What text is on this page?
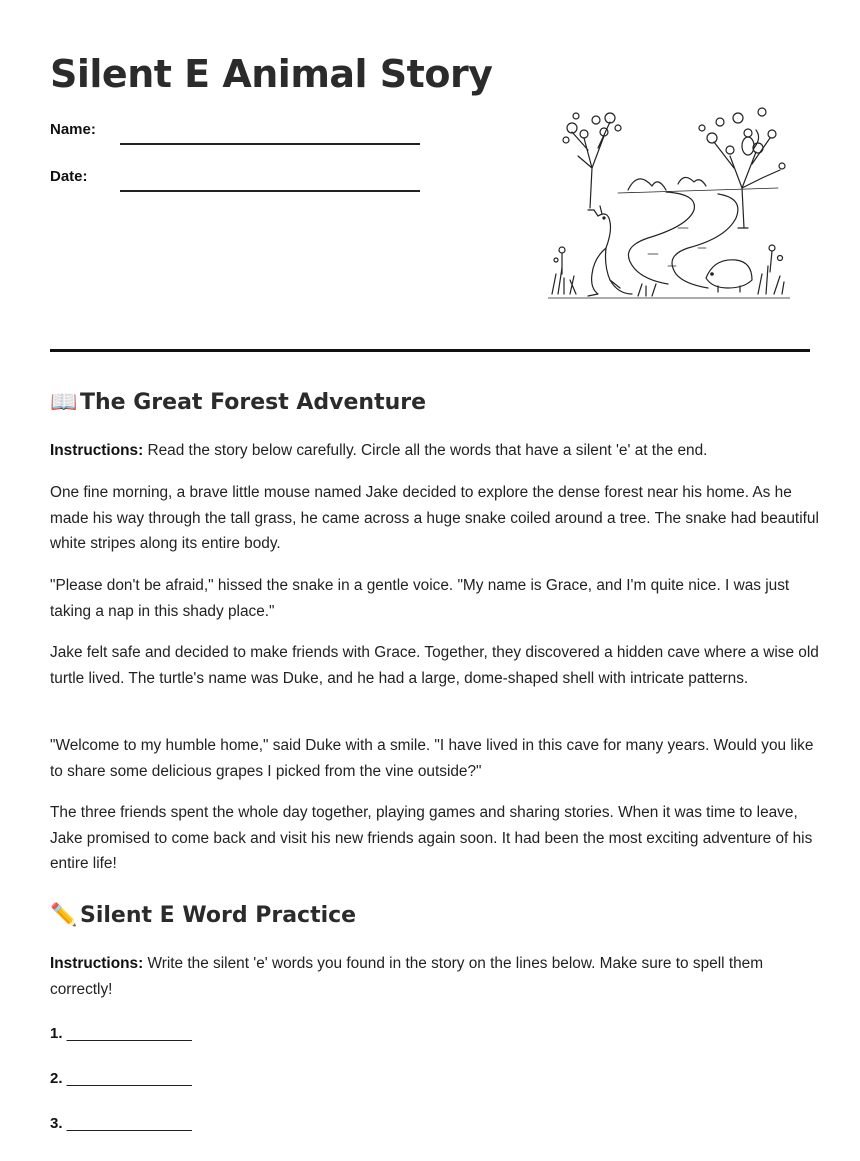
Silent E Animal Story
Name:
Date:
📖 The Great Forest Adventure

Instructions: Read the story below carefully. Circle all the words that have a silent 'e' at the end.

One fine morning, a brave little mouse named Jake decided to explore the dense forest near his home. As he made his way through the tall grass, he came across a huge snake coiled around a tree. The snake had beautiful white stripes along its entire body.

"Please don't be afraid," hissed the snake in a gentle voice. "My name is Grace, and I'm quite nice. I was just taking a nap in this shady place."

Jake felt safe and decided to make friends with Grace. Together, they discovered a hidden cave where a wise old turtle lived. The turtle's name was Duke, and he had a large, dome-shaped shell with intricate patterns.

"Welcome to my humble home," said Duke with a smile. "I have lived in this cave for many years. Would you like to share some delicious grapes I picked from the vine outside?"

The three friends spent the whole day together, playing games and sharing stories. When it was time to leave, Jake promised to come back and visit his new friends again soon. It had been the most exciting adventure of his entire life!

✏️ Silent E Word Practice

Instructions: Write the silent 'e' words you found in the story on the lines below. Make sure to spell them correctly!

1. _______________
2. _______________
3. _______________
